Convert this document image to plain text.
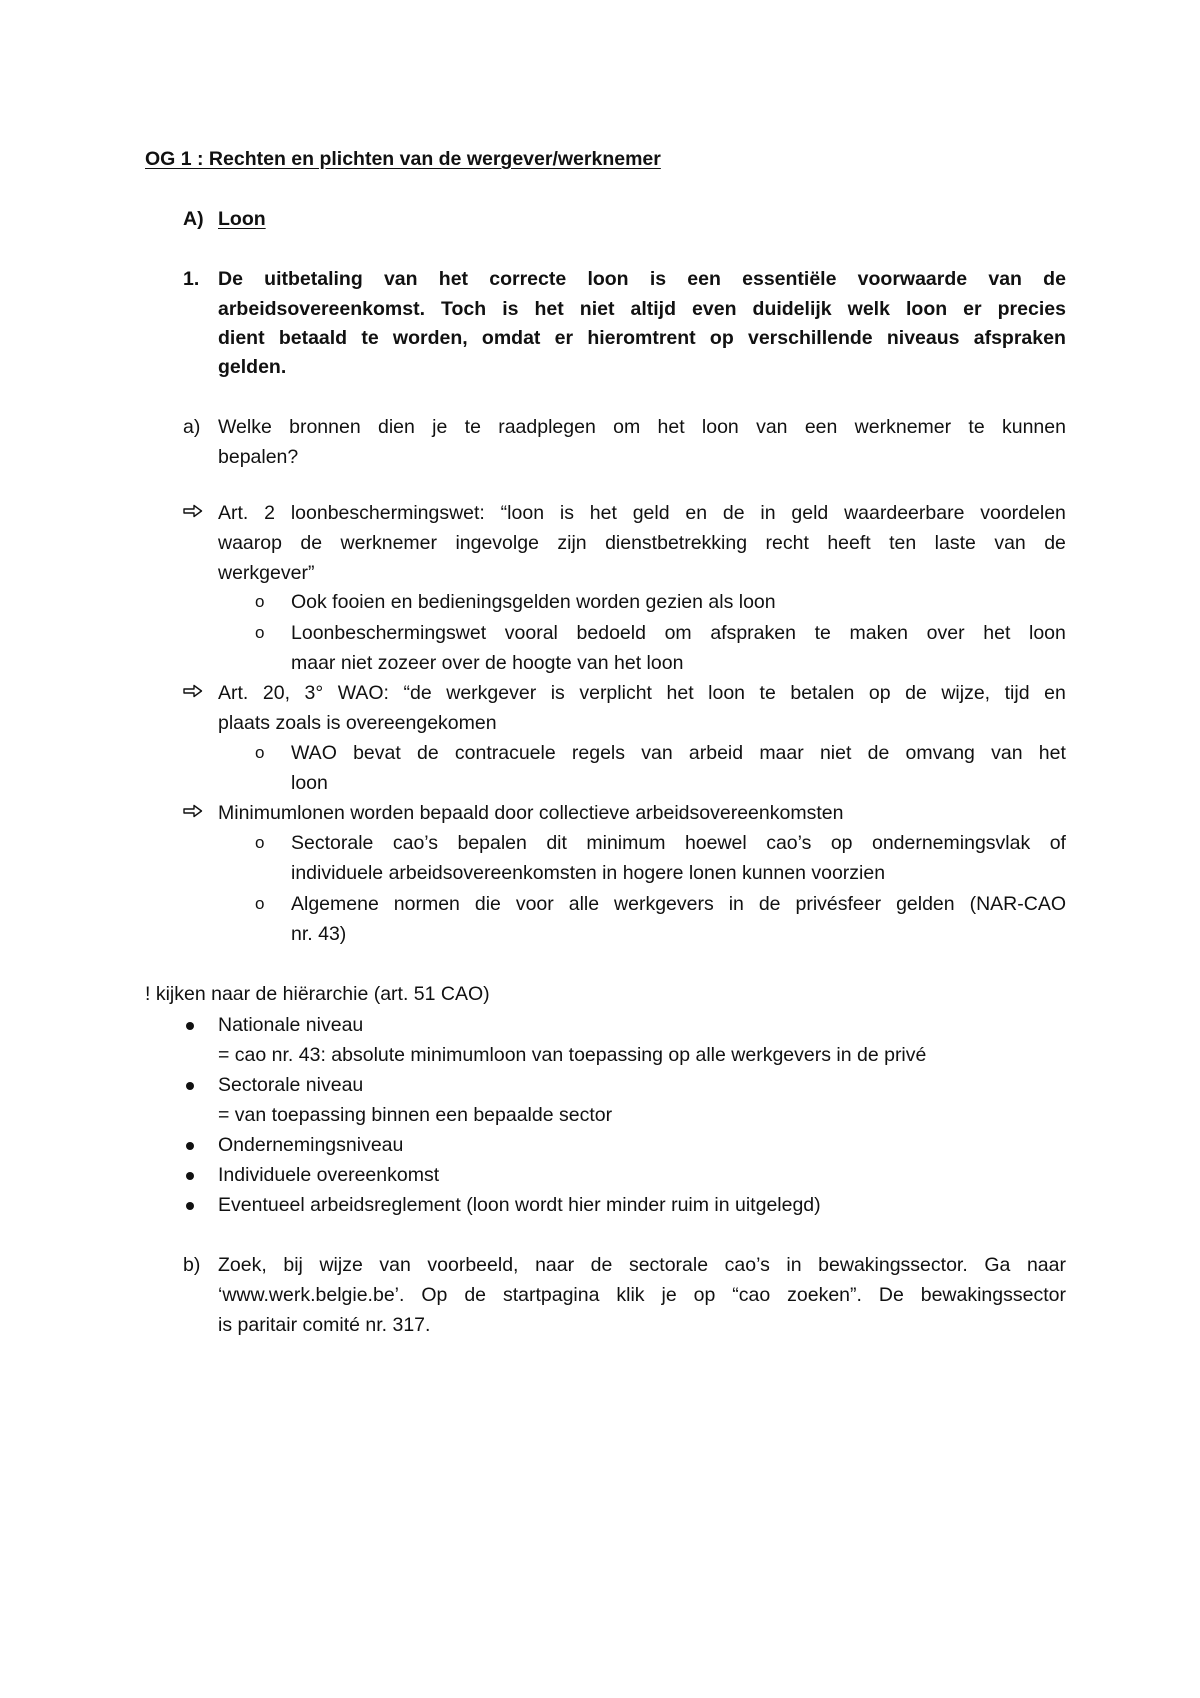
OG 1 : Rechten en plichten van de wergever/werknemer
A) Loon
1. De uitbetaling van het correcte loon is een essentiële voorwaarde van de
arbeidsovereenkomst. Toch is het niet altijd even duidelijk welk loon er precies
dient betaald te worden, omdat er hieromtrent op verschillende niveaus afspraken
gelden.
a) Welke bronnen dien je te raadplegen om het loon van een werknemer te kunnen
bepalen?
Art. 2 loonbeschermingswet: “loon is het geld en de in geld waardeerbare voordelen
waarop de werknemer ingevolge zijn dienstbetrekking recht heeft ten laste van de
werkgever”
o Ook fooien en bedieningsgelden worden gezien als loon
o Loonbeschermingswet vooral bedoeld om afspraken te maken over het loon
maar niet zozeer over de hoogte van het loon
Art. 20, 3° WAO: “de werkgever is verplicht het loon te betalen op de wijze, tijd en
plaats zoals is overeengekomen
o WAO bevat de contracuele regels van arbeid maar niet de omvang van het
loon
Minimumlonen worden bepaald door collectieve arbeidsovereenkomsten
o Sectorale cao’s bepalen dit minimum hoewel cao’s op ondernemingsvlak of
individuele arbeidsovereenkomsten in hogere lonen kunnen voorzien
o Algemene normen die voor alle werkgevers in de privésfeer gelden (NAR-CAO
nr. 43)
! kijken naar de hiërarchie (art. 51 CAO)
Nationale niveau
= cao nr. 43: absolute minimumloon van toepassing op alle werkgevers in de privé
Sectorale niveau
= van toepassing binnen een bepaalde sector
Ondernemingsniveau
Individuele overeenkomst
Eventueel arbeidsreglement (loon wordt hier minder ruim in uitgelegd)
b) Zoek, bij wijze van voorbeeld, naar de sectorale cao’s in bewakingssector. Ga naar
‘www.werk.belgie.be’. Op de startpagina klik je op “cao zoeken”. De bewakingssector
is paritair comité nr. 317.
